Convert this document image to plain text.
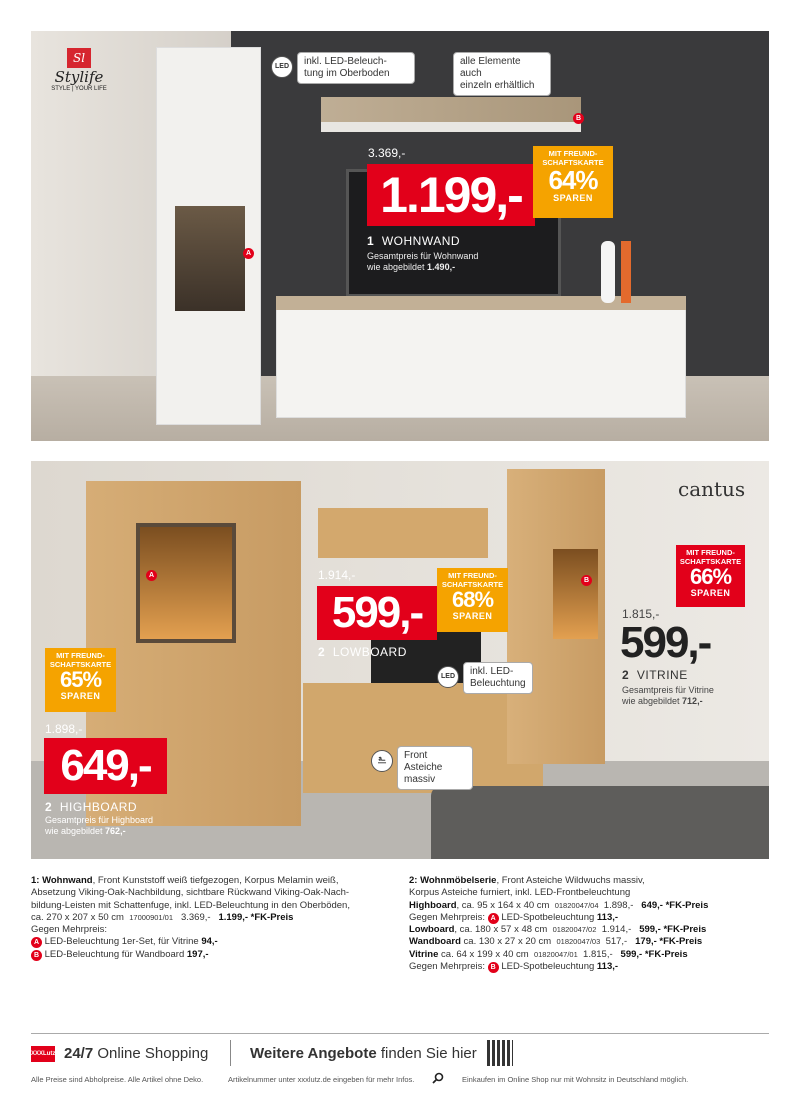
Sl
Stylife
STYLE | YOUR LIFE
LED	inkl. LED-Beleuch-
tung im Oberboden
alle Elemente auch
einzeln erhältlich
B
A
3.369,-
1.199,-
MIT FREUND-
SCHAFTSKARTE
64%
SPAREN
1 WOHNWAND
Gesamtpreis für Wohnwand
wie abgebildet 1.490,-
cantus
A
B
1.914,-
599,-
MIT FREUND-
SCHAFTSKARTE
68%
SPAREN
2 LOWBOARD
LED	inkl. LED-
Beleuchtung
⎁	Front Asteiche
massiv
MIT FREUND-
SCHAFTSKARTE
66%
SPAREN
1.815,-
599,-
2 VITRINE
Gesamtpreis für Vitrine
wie abgebildet 712,-
MIT FREUND-
SCHAFTSKARTE
65%
SPAREN
1.898,-
649,-
2 HIGHBOARD
Gesamtpreis für Highboard
wie abgebildet 762,-
1: Wohnwand, Front Kunststoff weiß tiefgezogen, Korpus Melamin weiß,
Absetzung Viking-Oak-Nachbildung, sichtbare Rückwand Viking-Oak-Nach-
bildung-Leisten mit Schattenfuge, inkl. LED-Beleuchtung in den Oberböden,
ca. 270 x 207 x 50 cm 17000901/01 3.369,- 1.199,- *FK-Preis
Gegen Mehrpreis:
A LED-Beleuchtung 1er-Set, für Vitrine 94,-
B LED-Beleuchtung für Wandboard 197,-
2: Wohnmöbelserie, Front Asteiche Wildwuchs massiv,
Korpus Asteiche furniert, inkl. LED-Frontbeleuchtung
Highboard, ca. 95 x 164 x 40 cm 01820047/04 1.898,- 649,- *FK-Preis
Gegen Mehrpreis: A LED-Spotbeleuchtung 113,-
Lowboard, ca. 180 x 57 x 48 cm 01820047/02 1.914,- 599,- *FK-Preis
Wandboard ca. 130 x 27 x 20 cm 01820047/03 517,- 179,- *FK-Preis
Vitrine ca. 64 x 199 x 40 cm 01820047/01 1.815,- 599,- *FK-Preis
Gegen Mehrpreis: B LED-Spotbeleuchtung 113,-
XXXLutz 24/7 Online Shopping	Weitere Angebote finden Sie hier
Alle Preise sind Abholpreise. Alle Artikel ohne Deko.	Artikelnummer unter xxxlutz.de eingeben für mehr Infos.	Einkaufen im Online Shop nur mit Wohnsitz in Deutschland möglich.
